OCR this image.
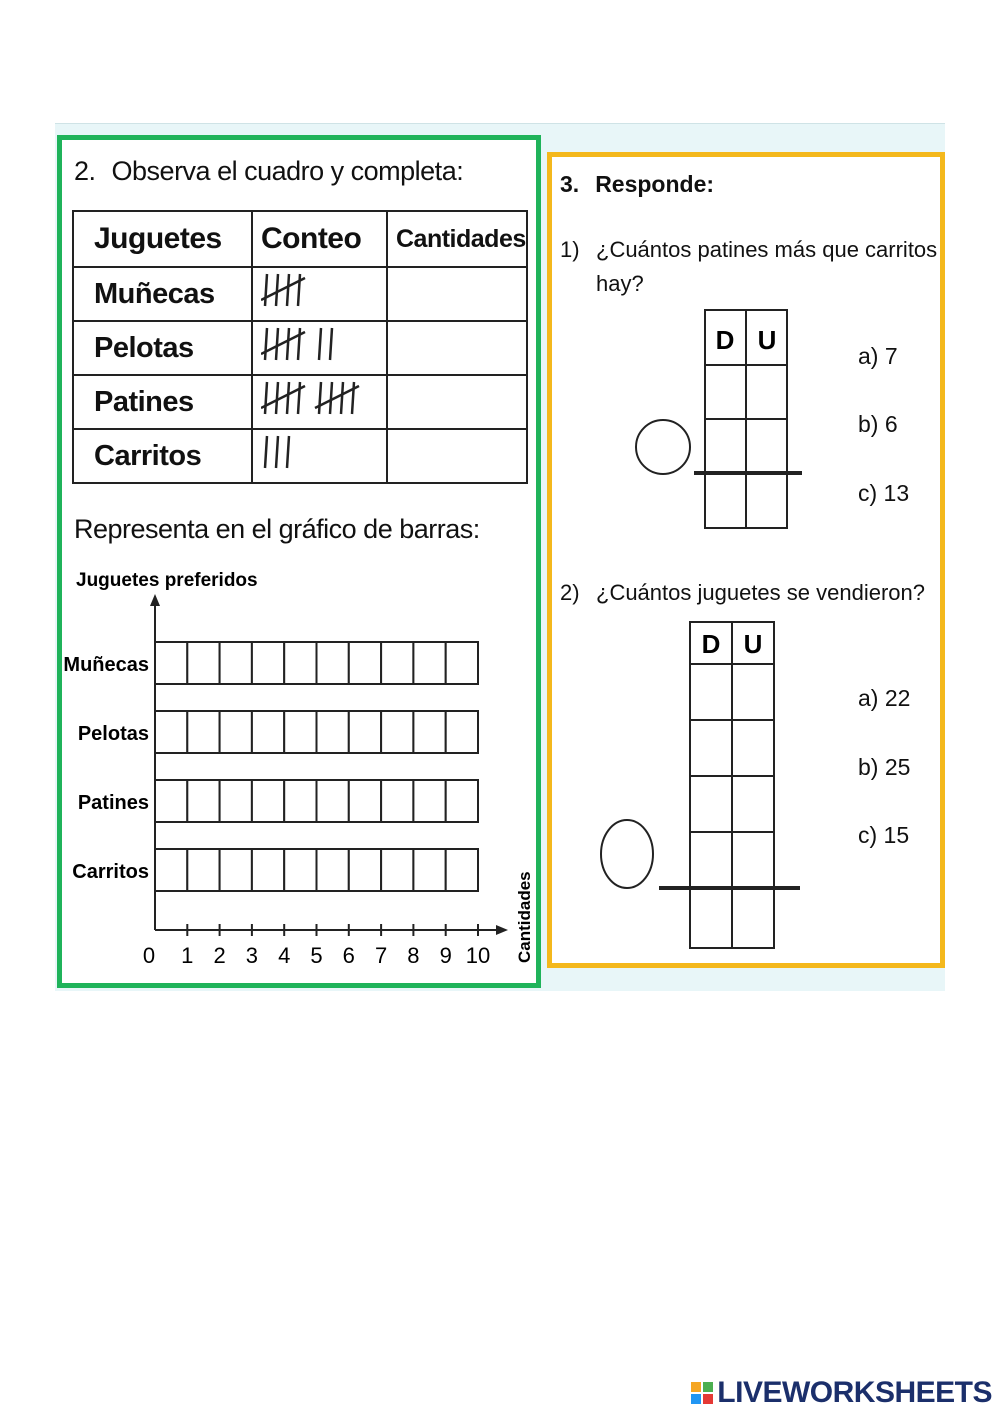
2. Observa el cuadro y completa:
Juguetes	Conteo	Cantidades
Muñecas		
Pelotas		
Patines		
Carritos		
Representa en el gráfico de barras:
Juguetes preferidos
Cantidades
0 1 2 3 4 5 6 7 8 9 10
Muñecas
Pelotas
Patines
Carritos
3. Responde:
1) ¿Cuántos patines más que carritos
hay?
D U
D U
a) 7
b) 6
c) 13
2) ¿Cuántos juguetes se vendieron?
a) 22
b) 25
c) 15
LIVEWORKSHEETS
